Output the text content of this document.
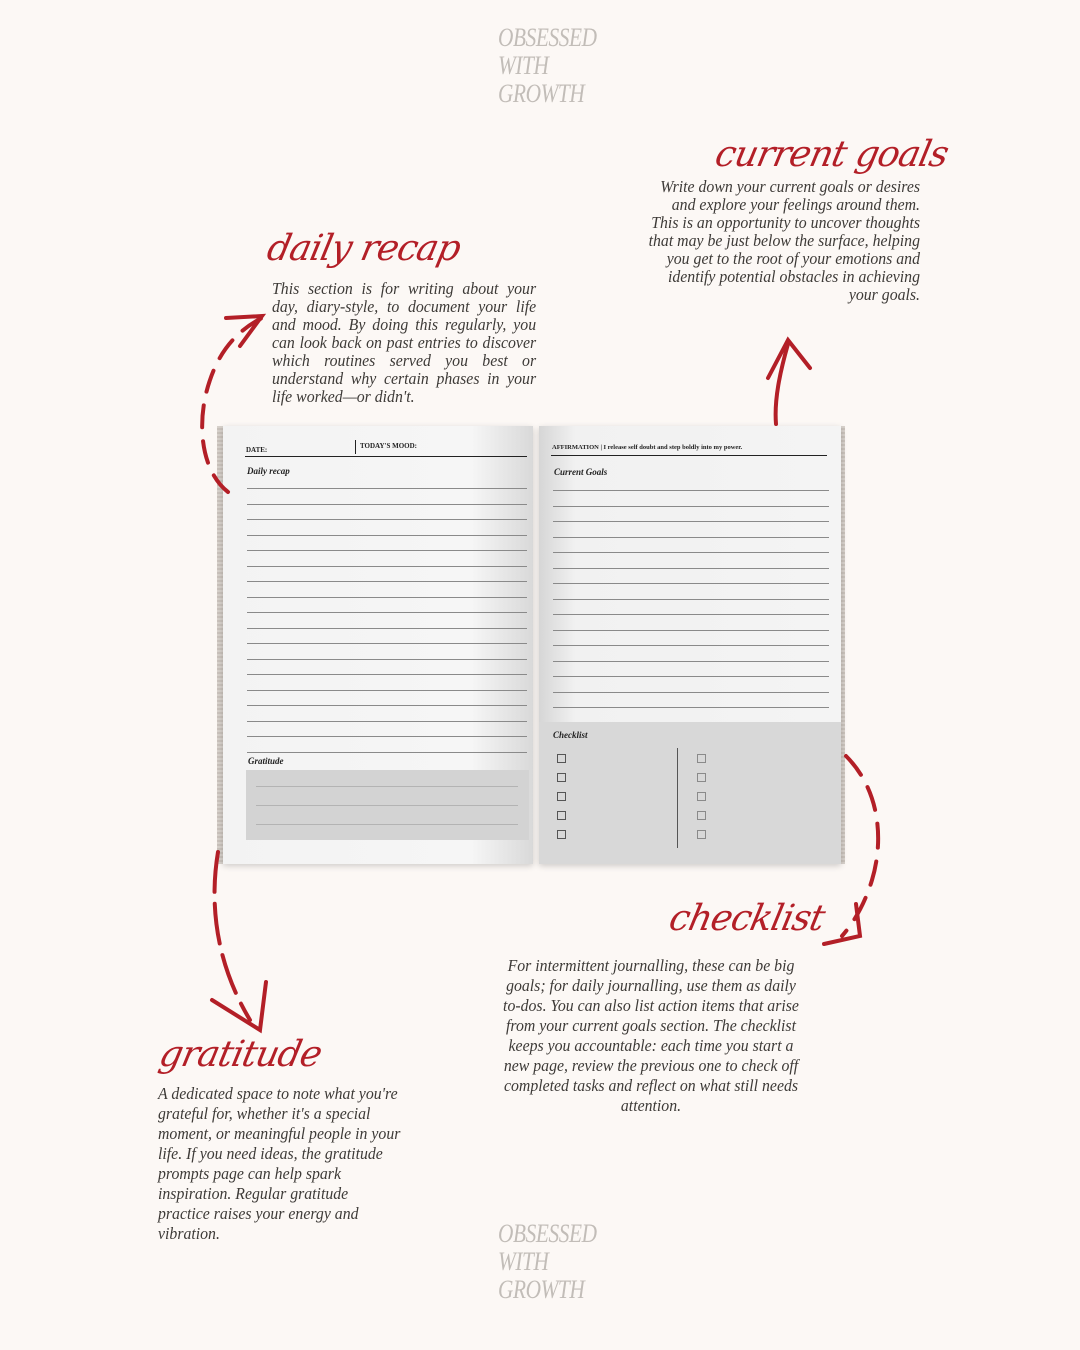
OBSESSED
WITH
GROWTH
daily recap
This section is for writing about your day, diary-style, to document your life and mood. By doing this regularly, you can look back on past entries to discover which routines served you best or understand why certain phases in your life worked—or didn't.
current goals
Write down your current goals or desires and explore your feelings around them. This is an opportunity to uncover thoughts that may be just below the surface, helping you get to the root of your emotions and identify potential obstacles in achieving your goals.
DATE:	TODAY'S MOOD:
Daily recap
Gratitude
AFFIRMATION | I release self doubt and step boldly into my power.
Current Goals
Checklist
checklist
For intermittent journalling, these can be big goals; for daily journalling, use them as daily to-dos. You can also list action items that arise from your current goals section. The checklist keeps you accountable: each time you start a new page, review the previous one to check off completed tasks and reflect on what still needs attention.
gratitude
A dedicated space to note what you're grateful for, whether it's a special moment, or meaningful people in your life. If you need ideas, the gratitude prompts page can help spark inspiration. Regular gratitude practice raises your energy and vibration.	OBSESSED
WITH
GROWTH
